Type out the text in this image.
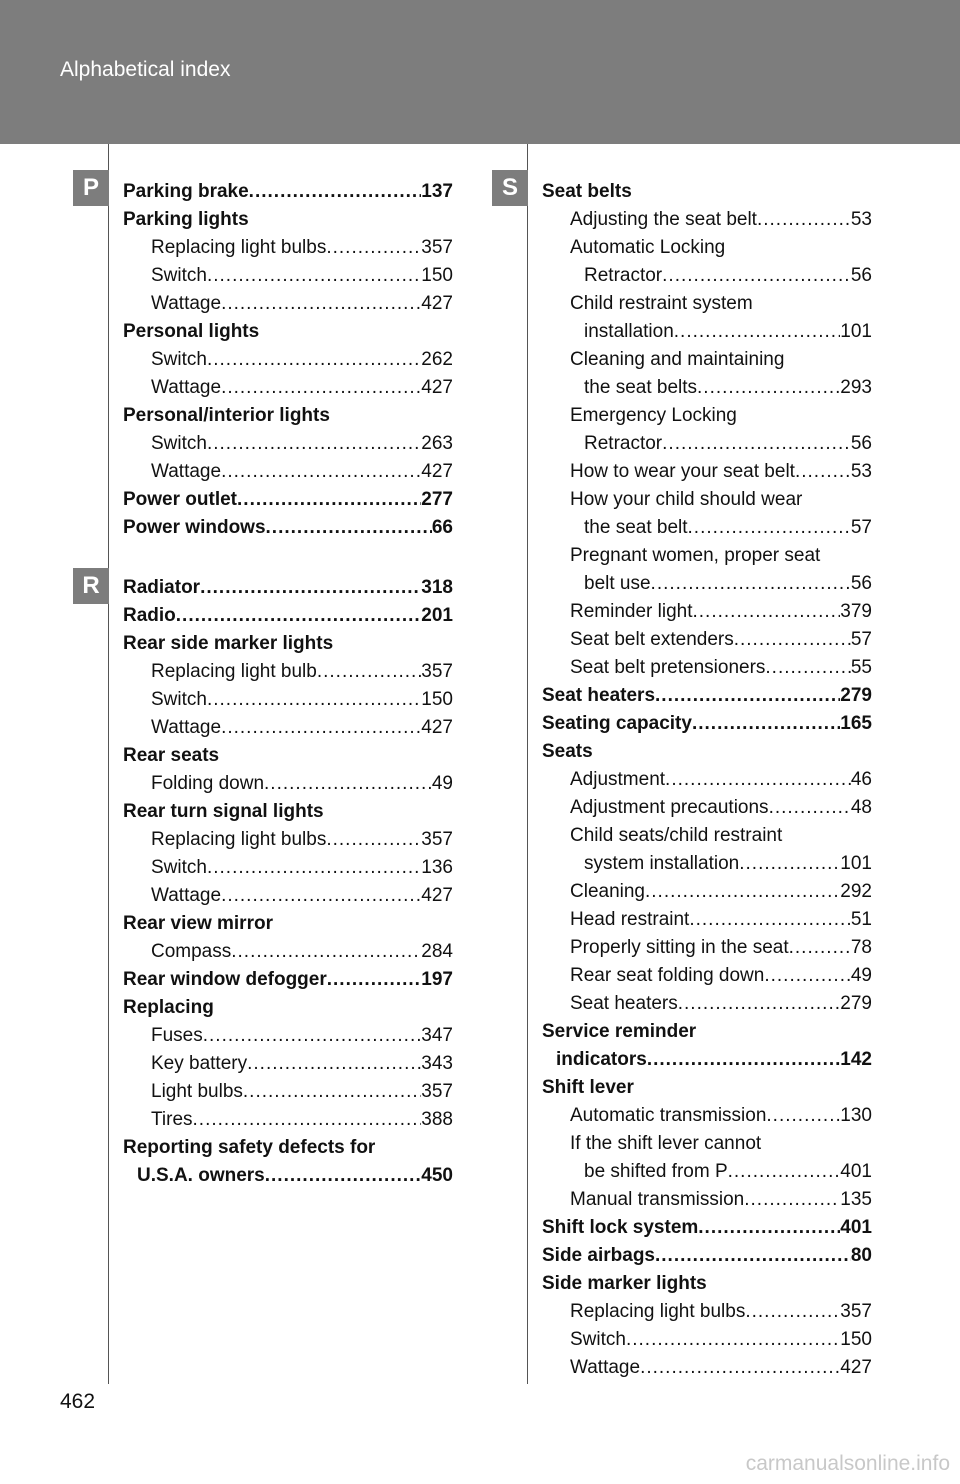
Alphabetical index
P
R
S
Parking brake .....	137
Parking lights
Replacing light bulbs .....	357
Switch .....	150
Wattage .....	427
Personal lights
Switch .....	262
Wattage .....	427
Personal/interior lights
Switch .....	263
Wattage .....	427
Power outlet .....	277
Power windows .....	66
Radiator .....	318
Radio .....	201
Rear side marker lights
Replacing light bulb .....	357
Switch .....	150
Wattage .....	427
Rear seats
Folding down .....	49
Rear turn signal lights
Replacing light bulbs .....	357
Switch .....	136
Wattage .....	427
Rear view mirror
Compass .....	284
Rear window defogger .....	197
Replacing
Fuses .....	347
Key battery .....	343
Light bulbs .....	357
Tires .....	388
Reporting safety defects for
U.S.A. owners .....	450
Seat belts
Adjusting the seat belt .....	53
Automatic Locking
Retractor .....	56
Child restraint system
installation .....	101
Cleaning and maintaining
the seat belts .....	293
Emergency Locking
Retractor .....	56
How to wear your seat belt .....	53
How your child should wear
the seat belt .....	57
Pregnant women, proper seat
belt use .....	56
Reminder light .....	379
Seat belt extenders .....	57
Seat belt pretensioners .....	55
Seat heaters .....	279
Seating capacity .....	165
Seats
Adjustment .....	46
Adjustment precautions .....	48
Child seats/child restraint
system installation .....	101
Cleaning .....	292
Head restraint .....	51
Properly sitting in the seat .....	78
Rear seat folding down .....	49
Seat heaters .....	279
Service reminder
indicators .....	142
Shift lever
Automatic transmission .....	130
If the shift lever cannot
be shifted from P .....	401
Manual transmission .....	135
Shift lock system .....	401
Side airbags .....	80
Side marker lights
Replacing light bulbs .....	357
Switch .....	150
Wattage .....	427
462
carmanualsonline.info
